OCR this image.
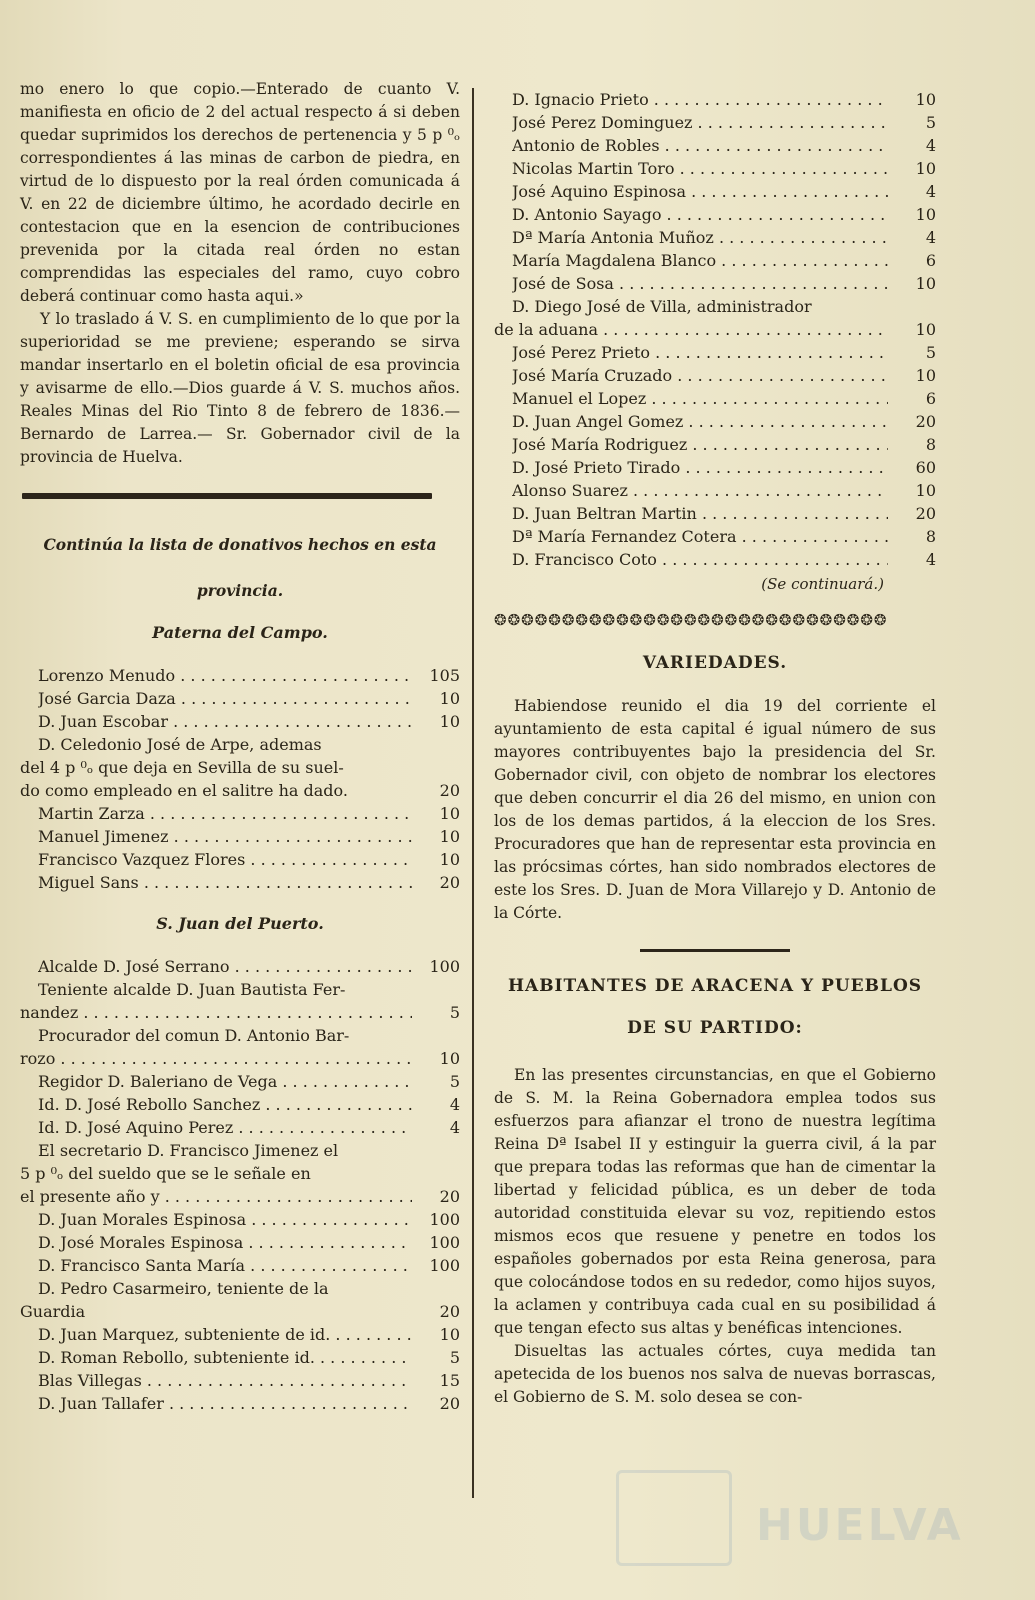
mo enero lo que copio.—Enterado de cuanto V. manifiesta en oficio de 2 del actual respecto á si deben quedar suprimidos los derechos de pertenencia y 5 p ⁰ₒ correspondientes á las minas de carbon de piedra, en virtud de lo dispuesto por la real órden comunicada á V. en 22 de diciembre último, he acordado decirle en contestacion que en la esencion de contribuciones prevenida por la citada real órden no estan comprendidas las especiales del ramo, cuyo cobro deberá continuar como hasta aqui.»

Y lo traslado á V. S. en cumplimiento de lo que por la superioridad se me previene; esperando se sirva mandar insertarlo en el boletin oficial de esa provincia y avisarme de ello.—Dios guarde á V. S. muchos años. Reales Minas del Rio Tinto 8 de febrero de 1836.—Bernardo de Larrea.— Sr. Gobernador civil de la provincia de Huelva.

Continúa la lista de donativos hechos en esta

provincia.

Paterna del Campo.
Lorenzo Menudo . . .	105
José Garcia Daza . . .	10
D. Juan Escobar . . .	10
D. Celedonio José de Arpe, ademas
del 4 p ⁰ₒ que deja en Sevilla de su suel-
do como empleado en el salitre ha dado.	20
Martin Zarza . . .	10
Manuel Jimenez . . .	10
Francisco Vazquez Flores . . .	10
Miguel Sans . . .	20
S. Juan del Puerto.
Alcalde D. José Serrano . . .	100
Teniente alcalde D. Juan Bautista Fer-
nandez . . .	5
Procurador del comun D. Antonio Bar-
rozo . . .	10
Regidor D. Baleriano de Vega . . .	5
Id. D. José Rebollo Sanchez . . .	4
Id. D. José Aquino Perez . . .	4
El secretario D. Francisco Jimenez el
5 p ⁰ₒ del sueldo que se le señale en
el presente año y . . .	20
D. Juan Morales Espinosa . . .	100
D. José Morales Espinosa . . .	100
D. Francisco Santa María . . .	100
D. Pedro Casarmeiro, teniente de la
Guardia	20
D. Juan Marquez, subteniente de id. . . .	10
D. Roman Rebollo, subteniente id. . . .	5
Blas Villegas . . .	15
D. Juan Tallafer . . .	20
D. Ignacio Prieto . . .	10
José Perez Dominguez . . .	5
Antonio de Robles . . .	4
Nicolas Martin Toro . . .	10
José Aquino Espinosa . . .	4
D. Antonio Sayago . . .	10
Dª María Antonia Muñoz . . .	4
María Magdalena Blanco . . .	6
José de Sosa . . .	10
D. Diego José de Villa, administrador
de la aduana . . .	10
José Perez Prieto . . .	5
José María Cruzado . . .	10
Manuel el Lopez . . .	6
D. Juan Angel Gomez . . .	20
José María Rodriguez . . .	8
D. José Prieto Tirado . . .	60
Alonso Suarez . . .	10
D. Juan Beltran Martin . . .	20
Dª María Fernandez Cotera . . .	8
D. Francisco Coto . . .	4
(Se continuará.)
❂❂❂❂❂❂❂❂❂❂❂❂❂❂❂❂❂❂❂❂❂❂❂❂❂❂❂❂❂
VARIEDADES.

Habiendose reunido el dia 19 del corriente el ayuntamiento de esta capital é igual número de sus mayores contribuyentes bajo la presidencia del Sr. Gobernador civil, con objeto de nombrar los electores que deben concurrir el dia 26 del mismo, en union con los de los demas partidos, á la eleccion de los Sres. Procuradores que han de representar esta provincia en las prócsimas córtes, han sido nombrados electores de este los Sres. D. Juan de Mora Villarejo y D. Antonio de la Córte.

HABITANTES DE ARACENA Y PUEBLOS
DE SU PARTIDO:

En las presentes circunstancias, en que el Gobierno de S. M. la Reina Gobernadora emplea todos sus esfuerzos para afianzar el trono de nuestra legítima Reina Dª Isabel II y estinguir la guerra civil, á la par que prepara todas las reformas que han de cimentar la libertad y felicidad pública, es un deber de toda autoridad constituida elevar su voz, repitiendo estos mismos ecos que resuene y penetre en todos los españoles gobernados por esta Reina generosa, para que colocándose todos en su rededor, como hijos suyos, la aclamen y contribuya cada cual en su posibilidad á que tengan efecto sus altas y benéficas intenciones.

Disueltas las actuales córtes, cuya medida tan apetecida de los buenos nos salva de nuevas borrascas, el Gobierno de S. M. solo desea se con-

HUELVA
